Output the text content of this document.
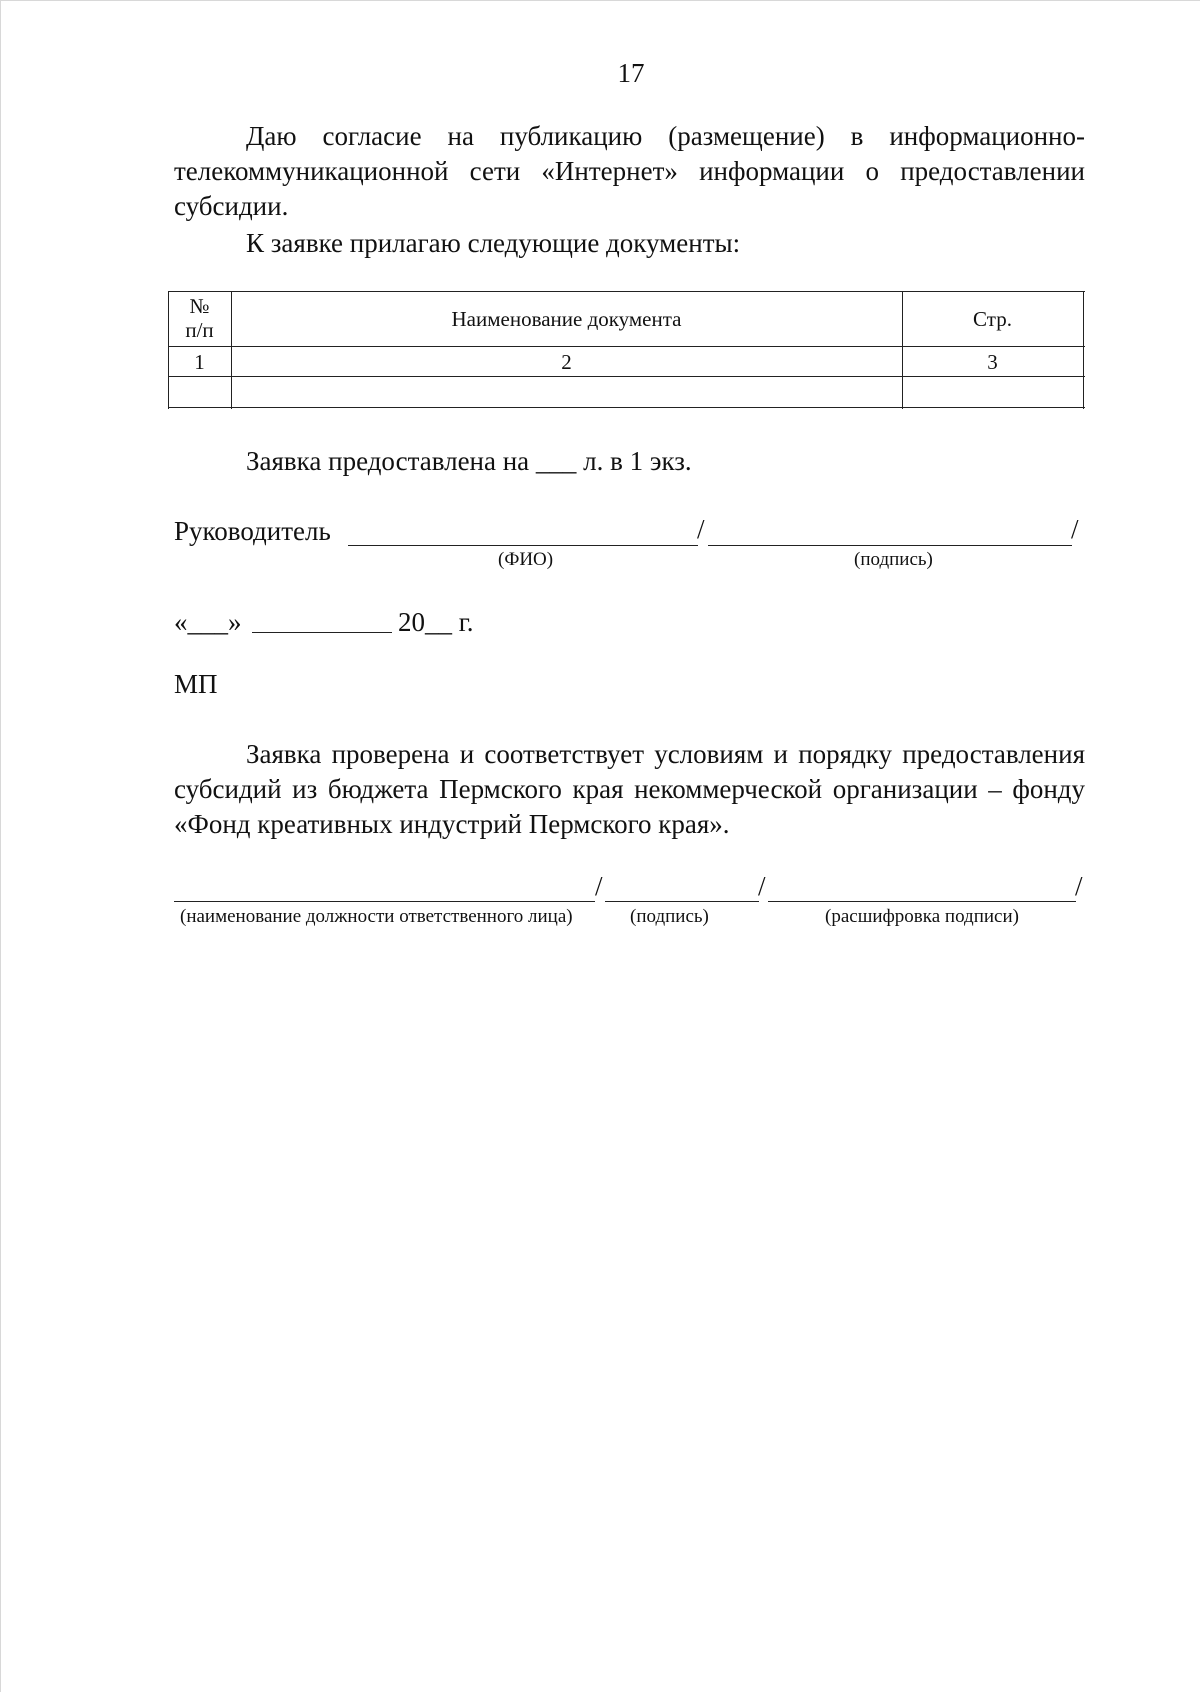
17

Даю согласие на публикацию (размещение) в информационно-телекоммуникационной сети «Интернет» информации о предоставлении субсидии.

К заявке прилагаю следующие документы:
№
п/п	Наименование документа	Стр.
1	2	3
Заявка предоставлена на ___ л. в 1 экз.
Руководитель	/	/
(ФИО)	(подпись)
«___»	20__ г.
МП

Заявка проверена и соответствует условиям и порядку предоставления субсидий из бюджета Пермского края некоммерческой организации – фонду «Фонд креативных индустрий Пермского края».

/	/	/
(наименование должности ответственного лица)	(подпись)	(расшифровка подписи)
